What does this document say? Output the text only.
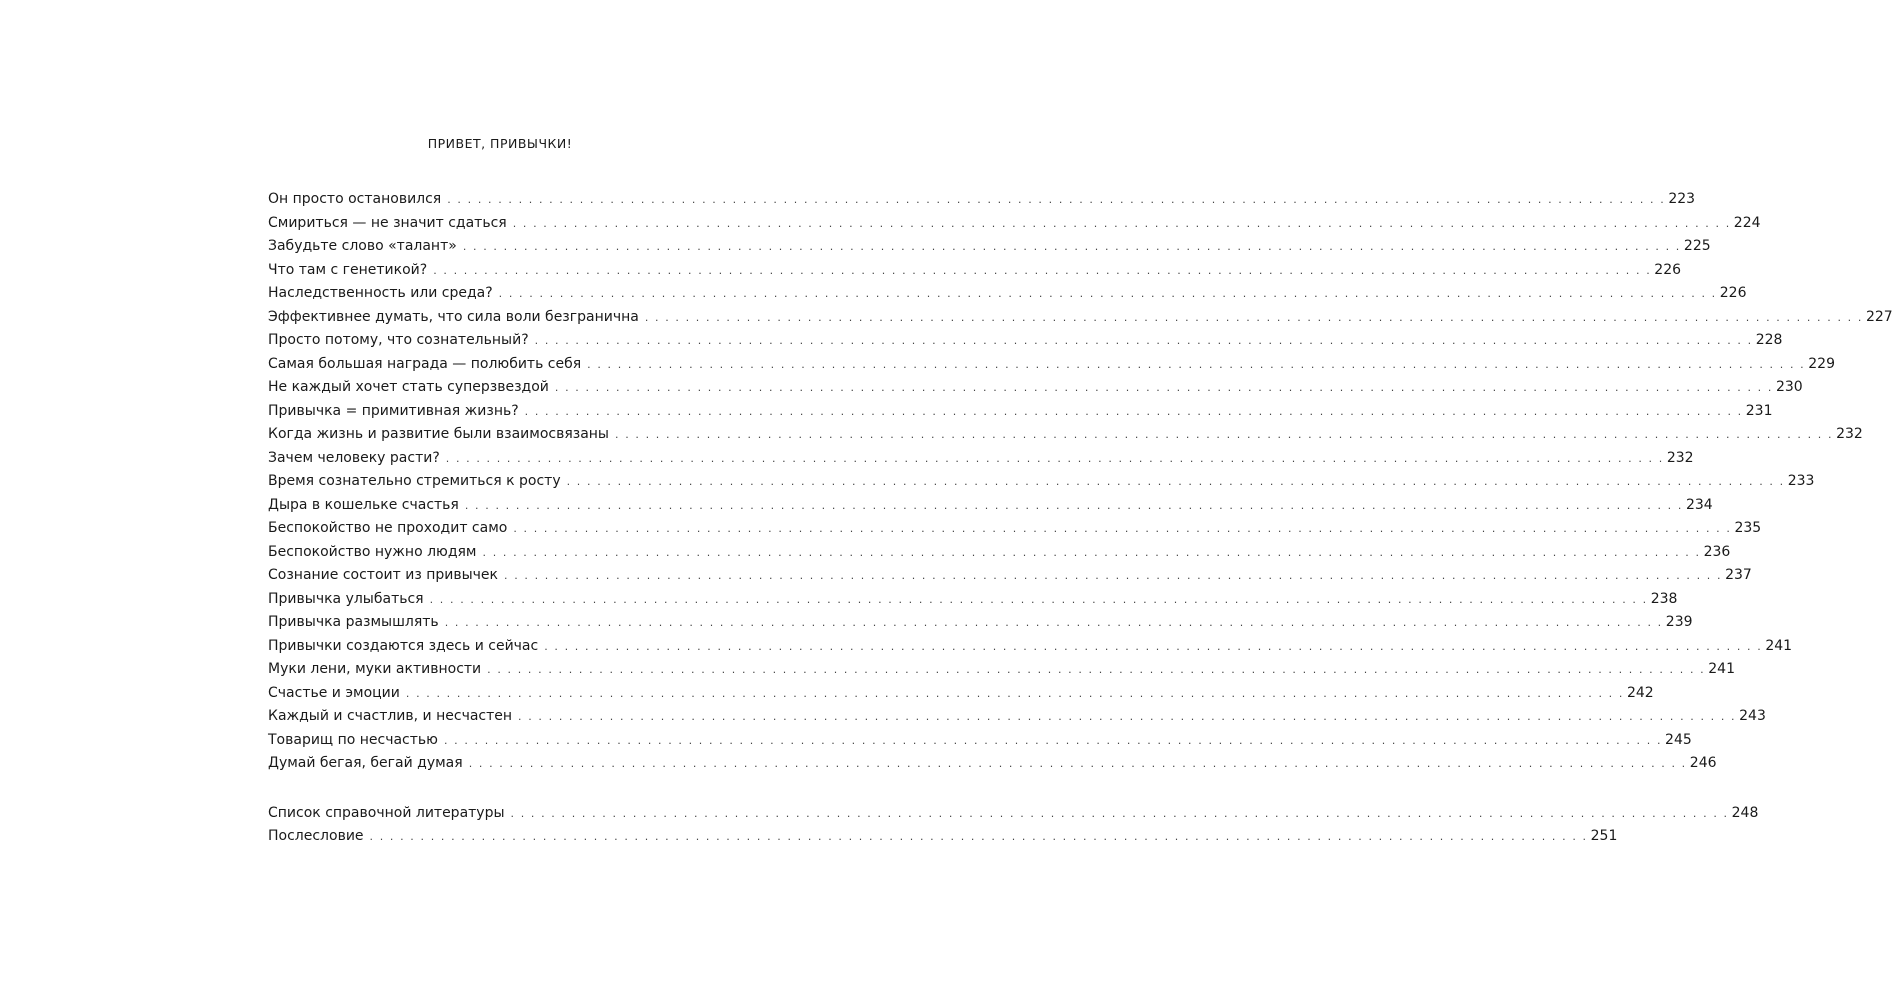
ПРИВЕТ, ПРИВЫЧКИ!
Он просто остановился . . . . . . . . . . . . . . . . . . . . . . . . . . . . . . . . . . . . . . . . . . . . . . . . . . . . . . . . . . . . . . . . . . . . . . . . . . . . . . . . . . . . . . . . . . . . . . . . . . . . . . . . . . . . . . . . . . . . . . . . 223
Смириться — не значит сдаться . . . . . . . . . . . . . . . . . . . . . . . . . . . . . . . . . . . . . . . . . . . . . . . . . . . . . . . . . . . . . . . . . . . . . . . . . . . . . . . . . . . . . . . . . . . . . . . . . . . . . . . . . . . . . . . . . . . . . . . . 224
Забудьте слово «талант» . . . . . . . . . . . . . . . . . . . . . . . . . . . . . . . . . . . . . . . . . . . . . . . . . . . . . . . . . . . . . . . . . . . . . . . . . . . . . . . . . . . . . . . . . . . . . . . . . . . . . . . . . . . . . . . . . . . . . . . . 225
Что там с генетикой? . . . . . . . . . . . . . . . . . . . . . . . . . . . . . . . . . . . . . . . . . . . . . . . . . . . . . . . . . . . . . . . . . . . . . . . . . . . . . . . . . . . . . . . . . . . . . . . . . . . . . . . . . . . . . . . . . . . . . . . . 226
Наследственность или среда? . . . . . . . . . . . . . . . . . . . . . . . . . . . . . . . . . . . . . . . . . . . . . . . . . . . . . . . . . . . . . . . . . . . . . . . . . . . . . . . . . . . . . . . . . . . . . . . . . . . . . . . . . . . . . . . . . . . . . . . . 226
Эффективнее думать, что сила воли безгранична . . . . . . . . . . . . . . . . . . . . . . . . . . . . . . . . . . . . . . . . . . . . . . . . . . . . . . . . . . . . . . . . . . . . . . . . . . . . . . . . . . . . . . . . . . . . . . . . . . . . . . . . . . . . . . . . . . . . . . . . 227
Просто потому, что сознательный? . . . . . . . . . . . . . . . . . . . . . . . . . . . . . . . . . . . . . . . . . . . . . . . . . . . . . . . . . . . . . . . . . . . . . . . . . . . . . . . . . . . . . . . . . . . . . . . . . . . . . . . . . . . . . . . . . . . . . . . . 228
Самая большая награда — полюбить себя . . . . . . . . . . . . . . . . . . . . . . . . . . . . . . . . . . . . . . . . . . . . . . . . . . . . . . . . . . . . . . . . . . . . . . . . . . . . . . . . . . . . . . . . . . . . . . . . . . . . . . . . . . . . . . . . . . . . . . . . 229
Не каждый хочет стать суперзвездой . . . . . . . . . . . . . . . . . . . . . . . . . . . . . . . . . . . . . . . . . . . . . . . . . . . . . . . . . . . . . . . . . . . . . . . . . . . . . . . . . . . . . . . . . . . . . . . . . . . . . . . . . . . . . . . . . . . . . . . . 230
Привычка = примитивная жизнь? . . . . . . . . . . . . . . . . . . . . . . . . . . . . . . . . . . . . . . . . . . . . . . . . . . . . . . . . . . . . . . . . . . . . . . . . . . . . . . . . . . . . . . . . . . . . . . . . . . . . . . . . . . . . . . . . . . . . . . . . 231
Когда жизнь и развитие были взаимосвязаны . . . . . . . . . . . . . . . . . . . . . . . . . . . . . . . . . . . . . . . . . . . . . . . . . . . . . . . . . . . . . . . . . . . . . . . . . . . . . . . . . . . . . . . . . . . . . . . . . . . . . . . . . . . . . . . . . . . . . . . . 232
Зачем человеку расти? . . . . . . . . . . . . . . . . . . . . . . . . . . . . . . . . . . . . . . . . . . . . . . . . . . . . . . . . . . . . . . . . . . . . . . . . . . . . . . . . . . . . . . . . . . . . . . . . . . . . . . . . . . . . . . . . . . . . . . . . 232
Время сознательно стремиться к росту . . . . . . . . . . . . . . . . . . . . . . . . . . . . . . . . . . . . . . . . . . . . . . . . . . . . . . . . . . . . . . . . . . . . . . . . . . . . . . . . . . . . . . . . . . . . . . . . . . . . . . . . . . . . . . . . . . . . . . . . 233
Дыра в кошельке счастья . . . . . . . . . . . . . . . . . . . . . . . . . . . . . . . . . . . . . . . . . . . . . . . . . . . . . . . . . . . . . . . . . . . . . . . . . . . . . . . . . . . . . . . . . . . . . . . . . . . . . . . . . . . . . . . . . . . . . . . . 234
Беспокойство не проходит само . . . . . . . . . . . . . . . . . . . . . . . . . . . . . . . . . . . . . . . . . . . . . . . . . . . . . . . . . . . . . . . . . . . . . . . . . . . . . . . . . . . . . . . . . . . . . . . . . . . . . . . . . . . . . . . . . . . . . . . . 235
Беспокойство нужно людям . . . . . . . . . . . . . . . . . . . . . . . . . . . . . . . . . . . . . . . . . . . . . . . . . . . . . . . . . . . . . . . . . . . . . . . . . . . . . . . . . . . . . . . . . . . . . . . . . . . . . . . . . . . . . . . . . . . . . . . . 236
Сознание состоит из привычек . . . . . . . . . . . . . . . . . . . . . . . . . . . . . . . . . . . . . . . . . . . . . . . . . . . . . . . . . . . . . . . . . . . . . . . . . . . . . . . . . . . . . . . . . . . . . . . . . . . . . . . . . . . . . . . . . . . . . . . . 237
Привычка улыбаться . . . . . . . . . . . . . . . . . . . . . . . . . . . . . . . . . . . . . . . . . . . . . . . . . . . . . . . . . . . . . . . . . . . . . . . . . . . . . . . . . . . . . . . . . . . . . . . . . . . . . . . . . . . . . . . . . . . . . . . . 238
Привычка размышлять . . . . . . . . . . . . . . . . . . . . . . . . . . . . . . . . . . . . . . . . . . . . . . . . . . . . . . . . . . . . . . . . . . . . . . . . . . . . . . . . . . . . . . . . . . . . . . . . . . . . . . . . . . . . . . . . . . . . . . . . 239
Привычки создаются здесь и сейчас . . . . . . . . . . . . . . . . . . . . . . . . . . . . . . . . . . . . . . . . . . . . . . . . . . . . . . . . . . . . . . . . . . . . . . . . . . . . . . . . . . . . . . . . . . . . . . . . . . . . . . . . . . . . . . . . . . . . . . . . 241
Муки лени, муки активности . . . . . . . . . . . . . . . . . . . . . . . . . . . . . . . . . . . . . . . . . . . . . . . . . . . . . . . . . . . . . . . . . . . . . . . . . . . . . . . . . . . . . . . . . . . . . . . . . . . . . . . . . . . . . . . . . . . . . . . . 241
Счастье и эмоции . . . . . . . . . . . . . . . . . . . . . . . . . . . . . . . . . . . . . . . . . . . . . . . . . . . . . . . . . . . . . . . . . . . . . . . . . . . . . . . . . . . . . . . . . . . . . . . . . . . . . . . . . . . . . . . . . . . . . . . . 242
Каждый и счастлив, и несчастен . . . . . . . . . . . . . . . . . . . . . . . . . . . . . . . . . . . . . . . . . . . . . . . . . . . . . . . . . . . . . . . . . . . . . . . . . . . . . . . . . . . . . . . . . . . . . . . . . . . . . . . . . . . . . . . . . . . . . . . . 243
Товарищ по несчастью . . . . . . . . . . . . . . . . . . . . . . . . . . . . . . . . . . . . . . . . . . . . . . . . . . . . . . . . . . . . . . . . . . . . . . . . . . . . . . . . . . . . . . . . . . . . . . . . . . . . . . . . . . . . . . . . . . . . . . . . 245
Думай бегая, бегай думая . . . . . . . . . . . . . . . . . . . . . . . . . . . . . . . . . . . . . . . . . . . . . . . . . . . . . . . . . . . . . . . . . . . . . . . . . . . . . . . . . . . . . . . . . . . . . . . . . . . . . . . . . . . . . . . . . . . . . . . . 246
Список справочной литературы . . . . . . . . . . . . . . . . . . . . . . . . . . . . . . . . . . . . . . . . . . . . . . . . . . . . . . . . . . . . . . . . . . . . . . . . . . . . . . . . . . . . . . . . . . . . . . . . . . . . . . . . . . . . . . . . . . . . . . . . 248
Послесловие . . . . . . . . . . . . . . . . . . . . . . . . . . . . . . . . . . . . . . . . . . . . . . . . . . . . . . . . . . . . . . . . . . . . . . . . . . . . . . . . . . . . . . . . . . . . . . . . . . . . . . . . . . . . . . . . . . . . . . . . 251
